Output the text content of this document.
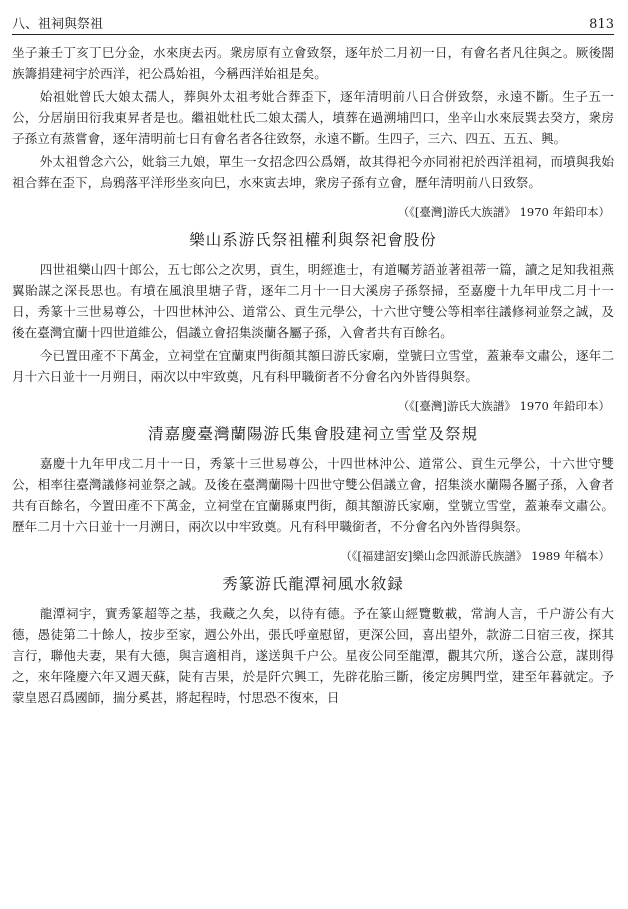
八、祖祠與祭祖	813

坐子兼壬丁亥丁巳分金，水來庚去丙。衆房原有立會致祭，逐年於二月初一日，有會名者凡往與之。厥後閤族籌捐建祠宇於西洋，祀公爲始祖，今稱西洋始祖是矣。

始祖妣曾氏大娘太孺人，葬與外太祖考妣合葬歪下，逐年清明前八日合併致祭，永遠不斷。生子五一公，分居崩田衍我東昇者是也。繼祖妣杜氏二娘太孺人，墳葬在過溯埔凹口，坐辛山水來辰巽去癸方，衆房子孫立有蒸嘗會，逐年清明前七日有會名者各往致祭，永遠不斷。生四子，三六、四五、五五、興。

外太祖曾念六公，妣翁三九娘，單生一女招念四公爲婿，故其得祀今亦同祔祀於西洋祖祠，而墳與我始祖合葬在歪下，烏鴉落平洋形坐亥向巳，水來寅去坤，衆房子孫有立會，歷年清明前八日致祭。

（《[臺灣]游氏大族譜》 1970 年鉛印本）
樂山系游氏祭祖權利與祭祀會股份

四世祖樂山四十郎公，五七郎公之次男，貢生，明經進士，有道囑芳語並著祖蒂一篇，讀之足知我祖燕翼貽謀之深長思也。有墳在風浪里塘子背，逐年二月十一日大溪房子孫祭掃，至嘉慶十九年甲戌二月十一日，秀篆十三世易尊公，十四世林沖公、道常公、貢生元學公，十六世守雙公等相率往議修祠並祭之誠，及後在臺灣宜蘭十四世道維公，倡議立會招集淡蘭各屬子孫，入會者共有百餘名。

今已置田產不下萬金，立祠堂在宜蘭東門街顏其額曰游氏家廟，堂號曰立雪堂，蓋兼奉文肅公，逐年二月十六日並十一月朔日，兩次以中牢致奠，凡有科甲職銜者不分會名內外皆得與祭。

（《[臺灣]游氏大族譜》 1970 年鉛印本）
清嘉慶臺灣蘭陽游氏集會股建祠立雪堂及祭規

嘉慶十九年甲戌二月十一日，秀篆十三世易尊公，十四世林沖公、道常公、貢生元學公，十六世守雙公，相率往臺灣議修祠並祭之誠。及後在臺灣蘭陽十四世守雙公倡議立會，招集淡水蘭陽各屬子孫，入會者共有百餘名，今置田產不下萬金，立祠堂在宜蘭縣東門街，顏其額游氏家廟，堂號立雪堂，蓋兼奉文肅公。歷年二月十六日並十一月溯日，兩次以中牢致奠。凡有科甲職銜者，不分會名內外皆得與祭。

（《[福建詔安]樂山念四派游氏族譜》 1989 年稿本）
秀篆游氏龍潭祠風水敘録

龍潭祠宇，實秀篆超等之基，我藏之久矣，以待有德。予在篆山經覽數載，常詢人言，千户游公有大德，愚徒第二十餘人，按步至家，週公外出，張氏呼童慰留，更深公回，喜出望外，款游二日宿三夜，探其言行，聯他夫妻，果有大德，與言適相肖，遂送與千户公。星夜公同至龍潭，觀其穴所，遂合公意，謀則得之，來年隆慶六年又週天蘇，陡有吉果，於是阡穴興工，先辟花胎三斷，後定房興門堂，建至年暮就定。予蒙皇恩召爲國師，揣分奚甚，將起程時，忖思恐不復來，日
